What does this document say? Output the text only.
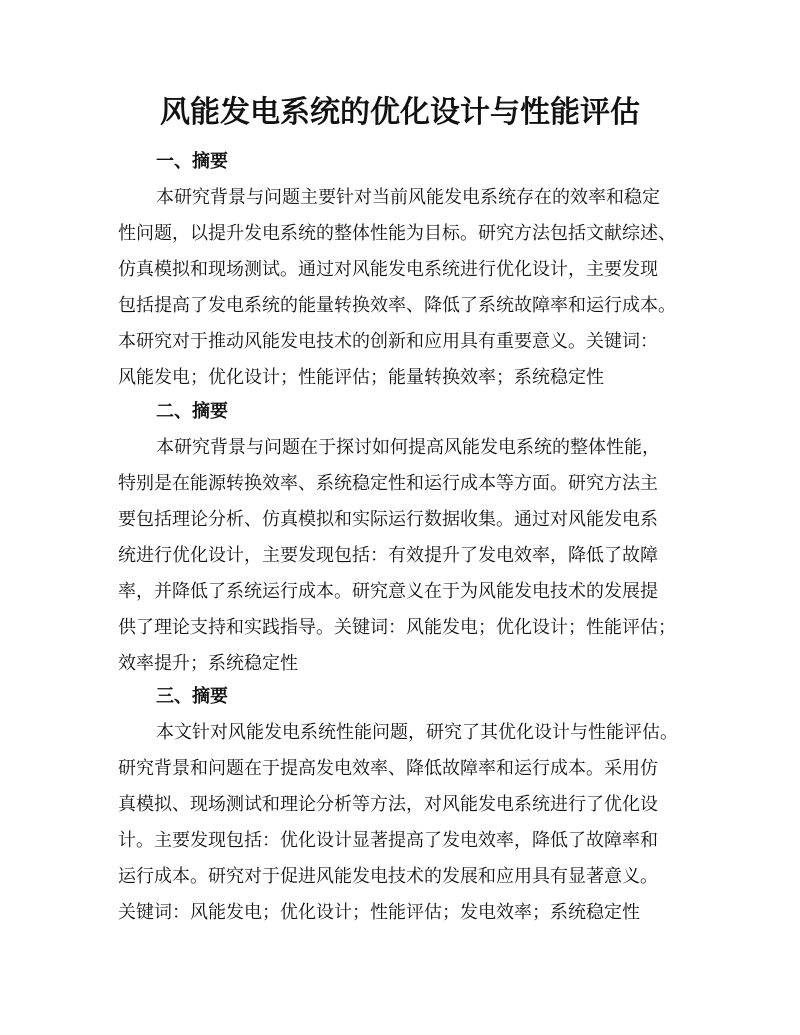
风能发电系统的优化设计与性能评估
一、摘要
本研究背景与问题主要针对当前风能发电系统存在的效率和稳定
性问题，以提升发电系统的整体性能为目标。研究方法包括文献综述、
仿真模拟和现场测试。通过对风能发电系统进行优化设计，主要发现
包括提高了发电系统的能量转换效率、降低了系统故障率和运行成本。
本研究对于推动风能发电技术的创新和应用具有重要意义。关键词：
风能发电；优化设计；性能评估；能量转换效率；系统稳定性
二、摘要
本研究背景与问题在于探讨如何提高风能发电系统的整体性能，
特别是在能源转换效率、系统稳定性和运行成本等方面。研究方法主
要包括理论分析、仿真模拟和实际运行数据收集。通过对风能发电系
统进行优化设计，主要发现包括：有效提升了发电效率，降低了故障
率，并降低了系统运行成本。研究意义在于为风能发电技术的发展提
供了理论支持和实践指导。关键词：风能发电；优化设计；性能评估；
效率提升；系统稳定性
三、摘要
本文针对风能发电系统性能问题，研究了其优化设计与性能评估。
研究背景和问题在于提高发电效率、降低故障率和运行成本。采用仿
真模拟、现场测试和理论分析等方法，对风能发电系统进行了优化设
计。主要发现包括：优化设计显著提高了发电效率，降低了故障率和
运行成本。研究对于促进风能发电技术的发展和应用具有显著意义。
关键词：风能发电；优化设计；性能评估；发电效率；系统稳定性
